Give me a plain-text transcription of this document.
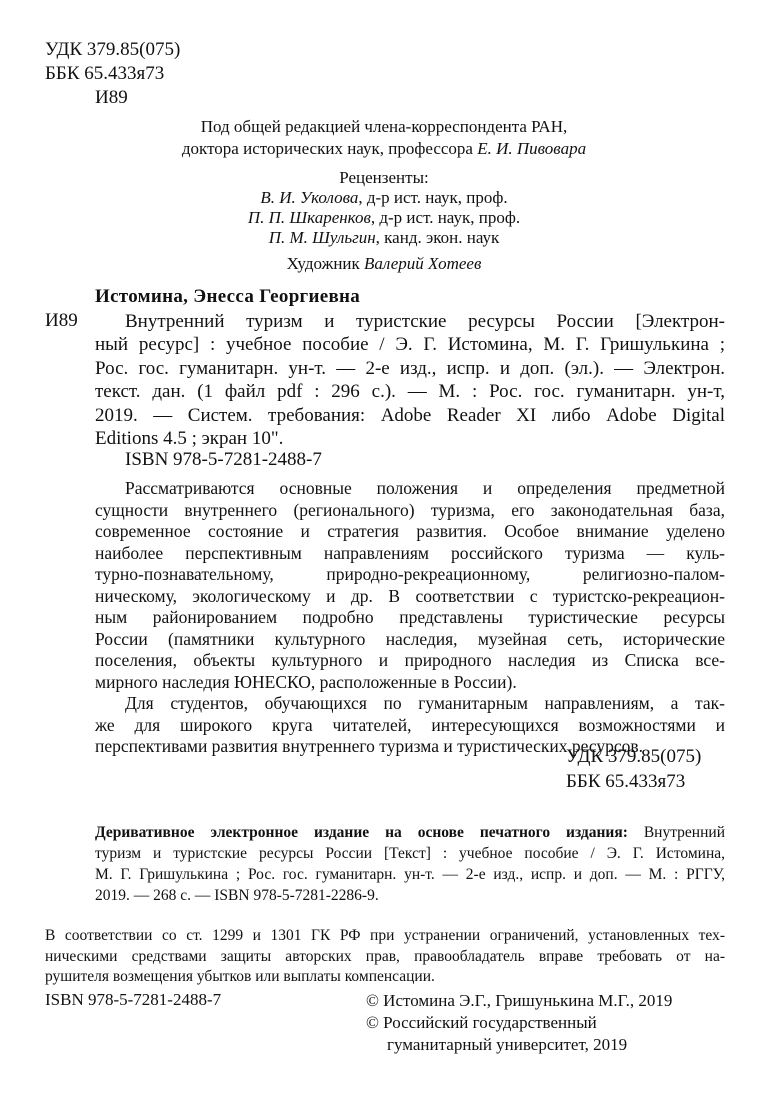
УДК 379.85(075)
ББК 65.433я73
И89
Под общей редакцией члена-корреспондента РАН,
доктора исторических наук, профессора Е. И. Пивовара
Рецензенты:
В. И. Уколова, д-р ист. наук, проф.
П. П. Шкаренков, д-р ист. наук, проф.
П. М. Шульгин, канд. экон. наук
Художник Валерий Хотеев
Истомина, Энесса Георгиевна
И89	Внутренний туризм и туристские ресурсы России [Электрон-

ный ресурс] : учебное пособие / Э. Г. Истомина, М. Г. Гришулькина ;

Рос. гос. гуманитарн. ун-т. — 2-е изд., испр. и доп. (эл.). — Электрон.

текст. дан. (1 файл pdf : 296 с.). — М. : Рос. гос. гуманитарн. ун-т,

2019. — Систем. требования: Adobe Reader XI либо Adobe Digital

Editions 4.5 ; экран 10".

ISBN 978-5-7281-2488-7

Рассматриваются основные положения и определения предметной

сущности внутреннего (регионального) туризма, его законодательная база,

современное состояние и стратегия развития. Особое внимание уделено

наиболее перспективным направлениям российского туризма — куль-

турно-познавательному, природно-рекреационному, религиозно-палом-

ническому, экологическому и др. В соответствии с туристско-рекреацион-

ным районированием подробно представлены туристические ресурсы

России (памятники культурного наследия, музейная сеть, исторические

поселения, объекты культурного и природного наследия из Списка все-

мирного наследия ЮНЕСКО, расположенные в России).

Для студентов, обучающихся по гуманитарным направлениям, а так-

же для широкого круга читателей, интересующихся возможностями и

перспективами развития внутреннего туризма и туристических ресурсов.

УДК 379.85(075)
ББК 65.433я73

Деривативное электронное издание на основе печатного издания: Внутренний

туризм и туристские ресурсы России [Текст] : учебное пособие / Э. Г. Истомина,

М. Г. Гришулькина ; Рос. гос. гуманитарн. ун-т. — 2-е изд., испр. и доп. — М. : РГГУ,

2019. — 268 с. — ISBN 978-5-7281-2286-9.

В соответствии со ст. 1299 и 1301 ГК РФ при устранении ограничений, установленных тех-

ническими средствами защиты авторских прав, правообладатель вправе требовать от на-

рушителя возмещения убытков или выплаты компенсации.

ISBN 978-5-7281-2488-7	© Истомина Э.Г., Гришунькина М.Г., 2019
© Российский государственный
гуманитарный университет, 2019
